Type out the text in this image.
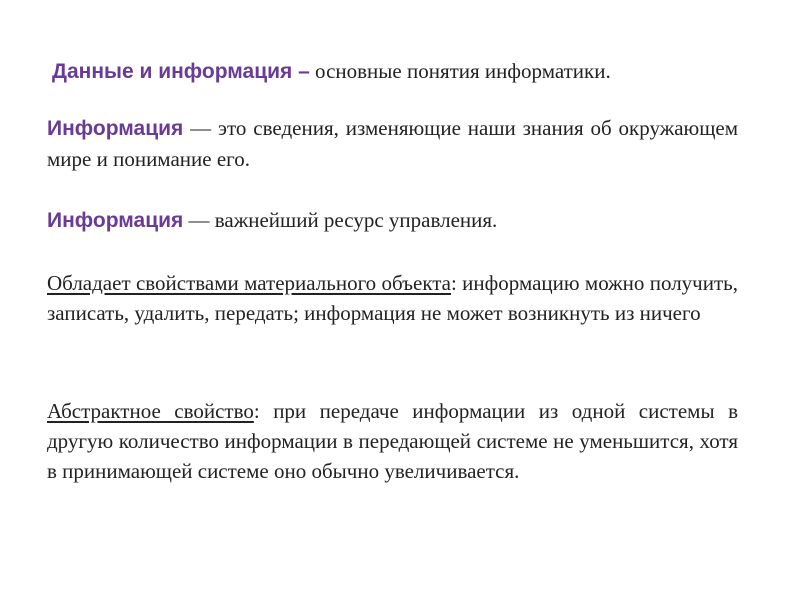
Данные и информация – основные понятия информатики.
Информация — это сведения, изменяющие наши знания об окружающем мире и понимание его.
Информация — важнейший ресурс управления.
Обладает свойствами материального объекта: информацию можно получить, записать, удалить, передать; информация не может возникнуть из ничего
Абстрактное свойство: при передаче информации из одной системы в другую количество информации в передающей системе не уменьшится, хотя в принимающей системе оно обычно увеличивается.
